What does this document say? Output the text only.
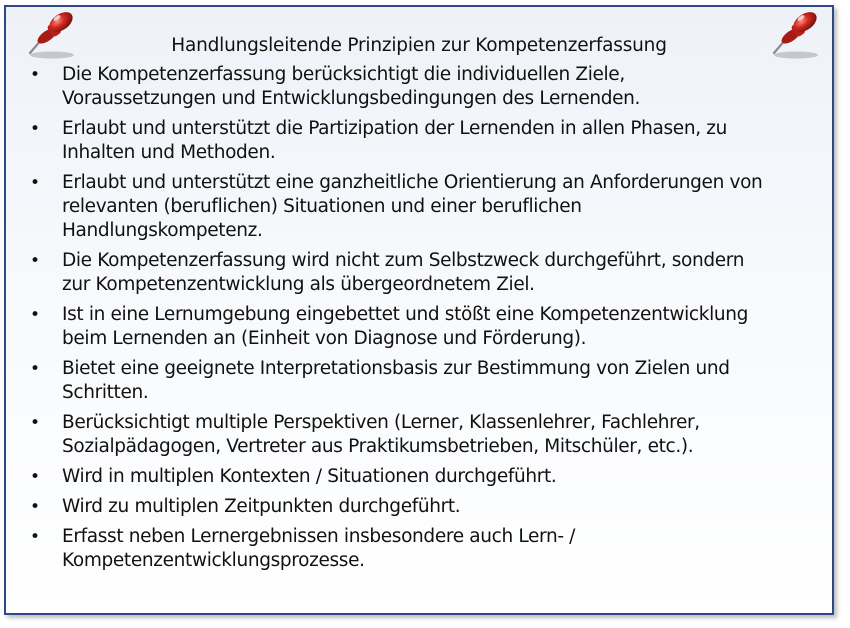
Handlungsleitende Prinzipien zur Kompetenzerfassung
• Die Kompetenzerfassung berücksichtigt die individuellen Ziele,
Voraussetzungen und Entwicklungsbedingungen des Lernenden.
• Erlaubt und unterstützt die Partizipation der Lernenden in allen Phasen, zu
Inhalten und Methoden.
• Erlaubt und unterstützt eine ganzheitliche Orientierung an Anforderungen von
relevanten (beruflichen) Situationen und einer beruflichen
Handlungskompetenz.
• Die Kompetenzerfassung wird nicht zum Selbstzweck durchgeführt, sondern
zur Kompetenzentwicklung als übergeordnetem Ziel.
• Ist in eine Lernumgebung eingebettet und stößt eine Kompetenzentwicklung
beim Lernenden an (Einheit von Diagnose und Förderung).
• Bietet eine geeignete Interpretationsbasis zur Bestimmung von Zielen und
Schritten.
• Berücksichtigt multiple Perspektiven (Lerner, Klassenlehrer, Fachlehrer,
Sozialpädagogen, Vertreter aus Praktikumsbetrieben, Mitschüler, etc.).
• Wird in multiplen Kontexten / Situationen durchgeführt.
• Wird zu multiplen Zeitpunkten durchgeführt.
• Erfasst neben Lernergebnissen insbesondere auch Lern- /
Kompetenzentwicklungsprozesse.
